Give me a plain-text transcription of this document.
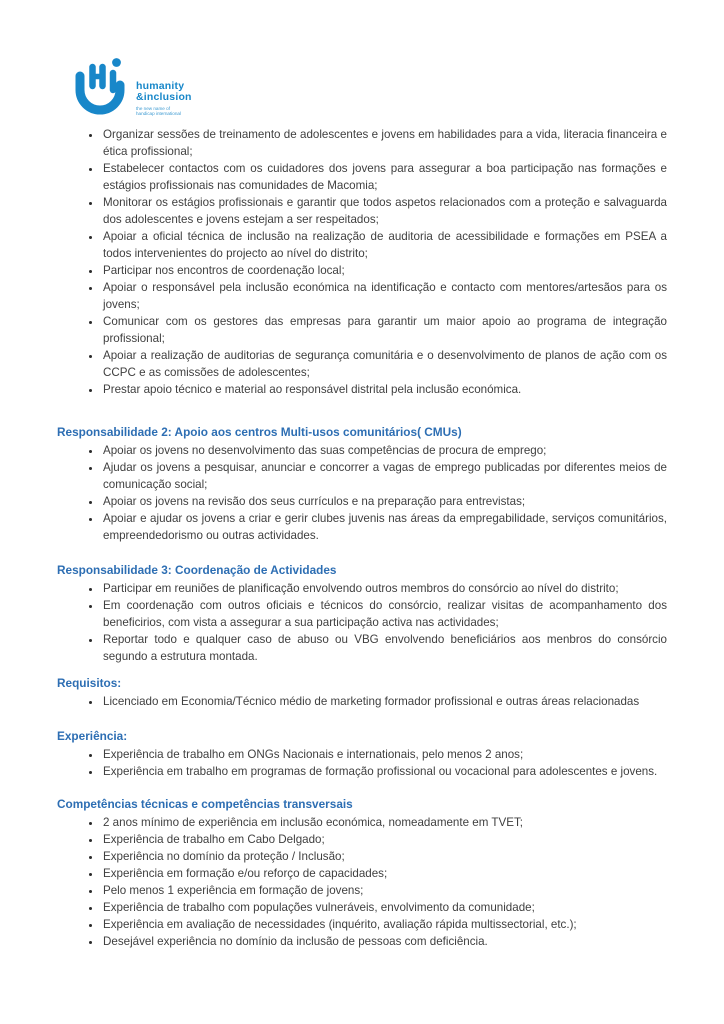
humanity
&inclusion
the new name of
handicap international
• Organizar sessões de treinamento de adolescentes e jovens em habilidades para a vida, literacia financeira e ética profissional;
• Estabelecer contactos com os cuidadores dos jovens para assegurar a boa participação nas formações e estágios profissionais nas comunidades de Macomia;
• Monitorar os estágios profissionais e garantir que todos aspetos relacionados com a proteção e salvaguarda dos adolescentes e jovens estejam a ser respeitados;
• Apoiar a oficial técnica de inclusão na realização de auditoria de acessibilidade e formações em PSEA a todos intervenientes do projecto ao nível do distrito;
• Participar nos encontros de coordenação local;
• Apoiar o responsável pela inclusão económica na identificação e contacto com mentores/artesãos para os jovens;
• Comunicar com os gestores das empresas para garantir um maior apoio ao programa de integração profissional;
• Apoiar a realização de auditorias de segurança comunitária e o desenvolvimento de planos de ação com os CCPC e as comissões de adolescentes;
• Prestar apoio técnico e material ao responsável distrital pela inclusão económica.
Responsabilidade 2: Apoio aos centros Multi-usos comunitários( CMUs)
• Apoiar os jovens no desenvolvimento das suas competências de procura de emprego;
• Ajudar os jovens a pesquisar, anunciar e concorrer a vagas de emprego publicadas por diferentes meios de comunicação social;
• Apoiar os jovens na revisão dos seus currículos e na preparação para entrevistas;
• Apoiar e ajudar os jovens a criar e gerir clubes juvenis nas áreas da empregabilidade, serviços comunitários, empreendedorismo ou outras actividades.
Responsabilidade 3: Coordenação de Actividades
• Participar em reuniões de planificação envolvendo outros membros do consórcio ao nível do distrito;
• Em coordenação com outros oficiais e técnicos do consórcio, realizar visitas de acompanhamento dos beneficirios, com vista a assegurar a sua participação activa nas actividades;
• Reportar todo e qualquer caso de abuso ou VBG envolvendo beneficiários aos menbros do consórcio segundo a estrutura montada.
Requisitos:
• Licenciado em Economia/Técnico médio de marketing formador profissional e outras áreas relacionadas
Experiência:
• Experiência de trabalho em ONGs Nacionais e internationais, pelo menos 2 anos;
• Experiência em trabalho em programas de formação profissional ou vocacional para adolescentes e jovens.
Competências técnicas e competências transversais
• 2 anos mínimo de experiência em inclusão económica, nomeadamente em TVET;
• Experiência de trabalho em Cabo Delgado;
• Experiência no domínio da proteção / Inclusão;
• Experiência em formação e/ou reforço de capacidades;
• Pelo menos 1 experiência em formação de jovens;
• Experiência de trabalho com populações vulneráveis, envolvimento da comunidade;
• Experiência em avaliação de necessidades (inquérito, avaliação rápida multissectorial, etc.);
• Desejável experiência no domínio da inclusão de pessoas com deficiência.
